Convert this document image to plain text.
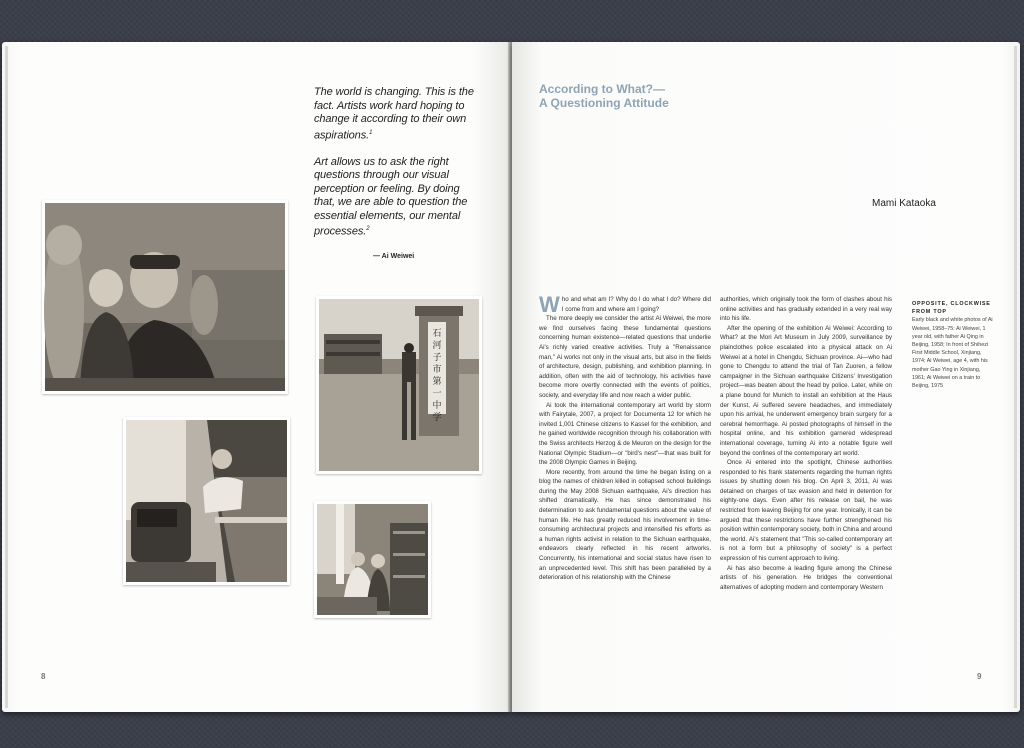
The world is changing. This is the fact. Artists work hard hoping to change it according to their own aspirations.$^1$

Art allows us to ask the right questions through our visual perception or feeling. By doing that, we are able to question the essential elements, our mental processes.$^2$

— Ai Weiwei
石
河
子
市
第
一
中
学
8
According to What?—
A Questioning Attitude
Mami Kataoka

Who and what am I? Why do I do what I do? Where did I come from and where am I going?

The more deeply we consider the artist Ai Weiwei, the more we find ourselves facing these fundamental questions concerning human existence—related questions that underlie Ai's richly varied creative activities. Truly a "Renaissance man," Ai works not only in the visual arts, but also in the fields of architecture, design, publishing, and exhibition planning. In addition, often with the aid of technology, his activities have become more overtly connected with the events of politics, society, and everyday life and now reach a wider public.

Ai took the international contemporary art world by storm with Fairytale, 2007, a project for Documenta 12 for which he invited 1,001 Chinese citizens to Kassel for the exhibition, and he gained worldwide recognition through his collaboration with the Swiss architects Herzog & de Meuron on the design for the National Olympic Stadium—or "bird's nest"—that was built for the 2008 Olympic Games in Beijing.

More recently, from around the time he began listing on a blog the names of children killed in collapsed school buildings during the May 2008 Sichuan earthquake, Ai's direction has shifted dramatically. He has since demonstrated his determination to ask fundamental questions about the value of human life. He has greatly reduced his involvement in time-consuming architectural projects and intensified his efforts as a human rights activist in relation to the Sichuan earthquake, endeavors clearly reflected in his recent artworks. Concurrently, his international and social status have risen to an unprecedented level. This shift has been paralleled by a deterioration of his relationship with the Chinese

authorities, which originally took the form of clashes about his online activities and has gradually extended in a very real way into his life.

After the opening of the exhibition Ai Weiwei: According to What? at the Mori Art Museum in July 2009, surveillance by plainclothes police escalated into a physical attack on Ai Weiwei at a hotel in Chengdu, Sichuan province. Ai—who had gone to Chengdu to attend the trial of Tan Zuoren, a fellow campaigner in the Sichuan earthquake Citizens' Investigation project—was beaten about the head by police. Later, while on a plane bound for Munich to install an exhibition at the Haus der Kunst, Ai suffered severe headaches, and immediately upon his arrival, he underwent emergency brain surgery for a cerebral hemorrhage. Ai posted photographs of himself in the hospital online, and his exhibition garnered widespread international coverage, turning Ai into a notable figure well beyond the confines of the contemporary art world.

Once Ai entered into the spotlight, Chinese authorities responded to his frank statements regarding the human rights issues by shutting down his blog. On April 3, 2011, Ai was detained on charges of tax evasion and held in detention for eighty-one days. Even after his release on bail, he was restricted from leaving Beijing for one year. Ironically, it can be argued that these restrictions have further strengthened his position within contemporary society, both in China and around the world. Ai's statement that "This so-called contemporary art is not a form but a philosophy of society" is a perfect expression of his current approach to living.

Ai has also become a leading figure among the Chinese artists of his generation. He bridges the conventional alternatives of adopting modern and contemporary Western

OPPOSITE, CLOCKWISE FROM TOP
Early black and white photos of Ai Weiwei, 1958–75: Ai Weiwei, 1 year old, with father Ai Qing in Beijing, 1958; In front of Shihezi First Middle School, Xinjiang, 1974; Ai Weiwei, age 4, with his mother Gao Ying in Xinjiang, 1961; Ai Weiwei on a train to Beijing, 1975
9
